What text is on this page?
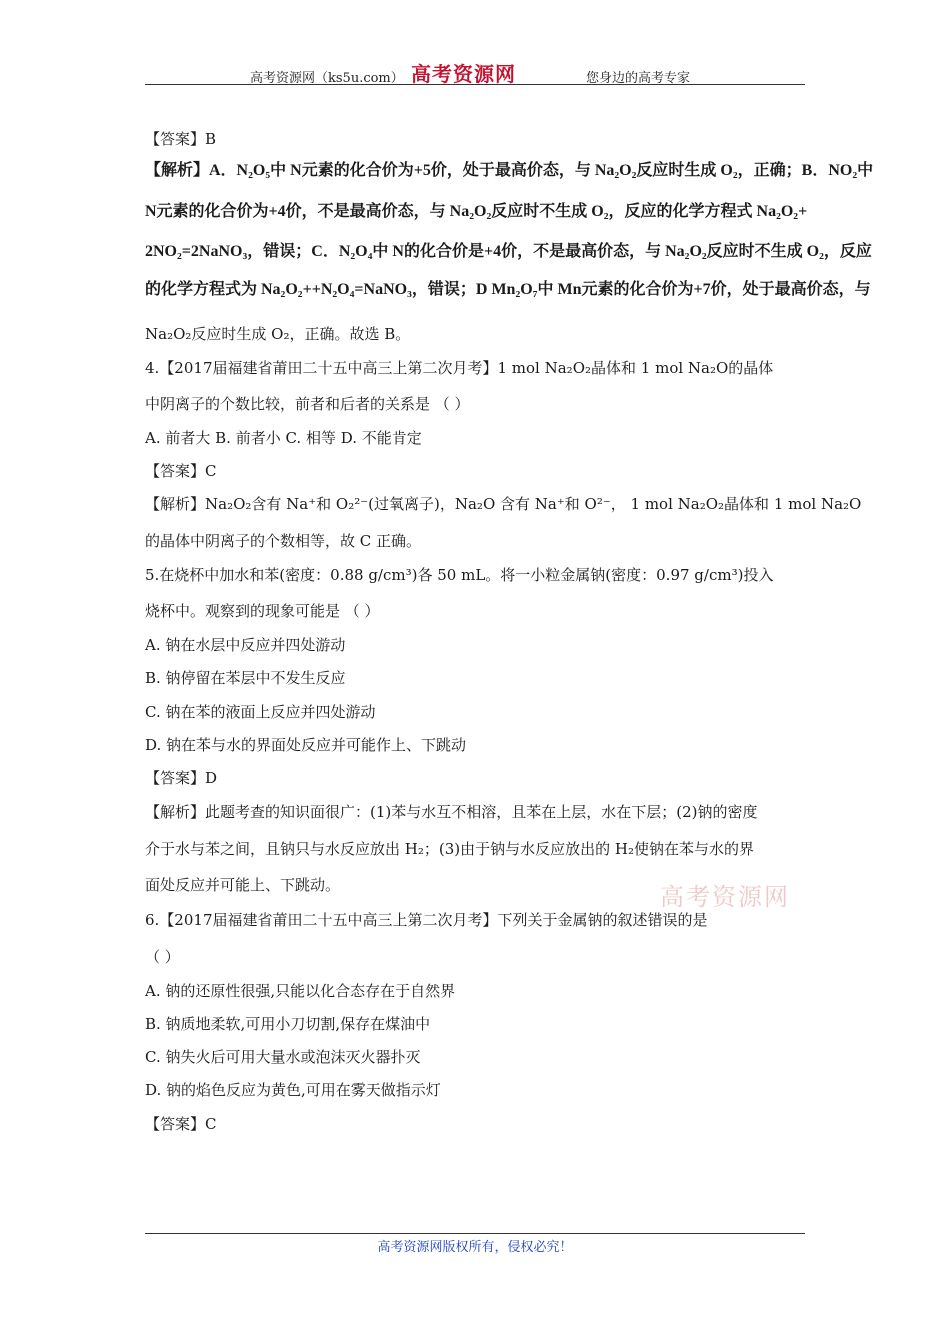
高考资源网（ks5u.com） 高考资源网	您身边的高考专家
【答案】B
【解析】A．N₂O₅中 N元素的化合价为+5价，处于最高价态，与 Na₂O₂反应时生成 O₂，正确；B．NO₂中
N元素的化合价为+4价，不是最高价态，与 Na₂O₂反应时不生成 O₂，反应的化学方程式 Na₂O₂+
2NO₂=2NaNO₃，错误；C．N₂O₄中 N的化合价是+4价，不是最高价态，与 Na₂O₂反应时不生成 O₂，反应
的化学方程式为 Na₂O₂++N₂O₄=NaNO₃，错误；D Mn₂O₇中 Mn元素的化合价为+7价，处于最高价态，与
Na₂O₂反应时生成 O₂，正确。故选 B。
4.【2017届福建省莆田二十五中高三上第二次月考】1 mol Na₂O₂晶体和 1 mol Na₂O的晶体
中阴离子的个数比较，前者和后者的关系是 （ ）
A. 前者大 B. 前者小 C. 相等 D. 不能肯定
【答案】C
【解析】Na₂O₂含有 Na⁺和 O₂²⁻(过氧离子)，Na₂O 含有 Na⁺和 O²⁻， 1 mol Na₂O₂晶体和 1 mol Na₂O
的晶体中阴离子的个数相等，故 C 正确。
5.在烧杯中加水和苯(密度：0.88 g/cm³)各 50 mL。将一小粒金属钠(密度：0.97 g/cm³)投入
烧杯中。观察到的现象可能是 （ ）
A. 钠在水层中反应并四处游动
B. 钠停留在苯层中不发生反应
C. 钠在苯的液面上反应并四处游动
D. 钠在苯与水的界面处反应并可能作上、下跳动
【答案】D
【解析】此题考查的知识面很广：(1)苯与水互不相溶，且苯在上层，水在下层；(2)钠的密度
介于水与苯之间，且钠只与水反应放出 H₂；(3)由于钠与水反应放出的 H₂使钠在苯与水的界
面处反应并可能上、下跳动。
6.【2017届福建省莆田二十五中高三上第二次月考】下列关于金属钠的叙述错误的是
（ ）
A. 钠的还原性很强,只能以化合态存在于自然界
B. 钠质地柔软,可用小刀切割,保存在煤油中
C. 钠失火后可用大量水或泡沫灭火器扑灭
D. 钠的焰色反应为黄色,可用在雾天做指示灯
【答案】C
高考资源网
高考资源网版权所有，侵权必究！
